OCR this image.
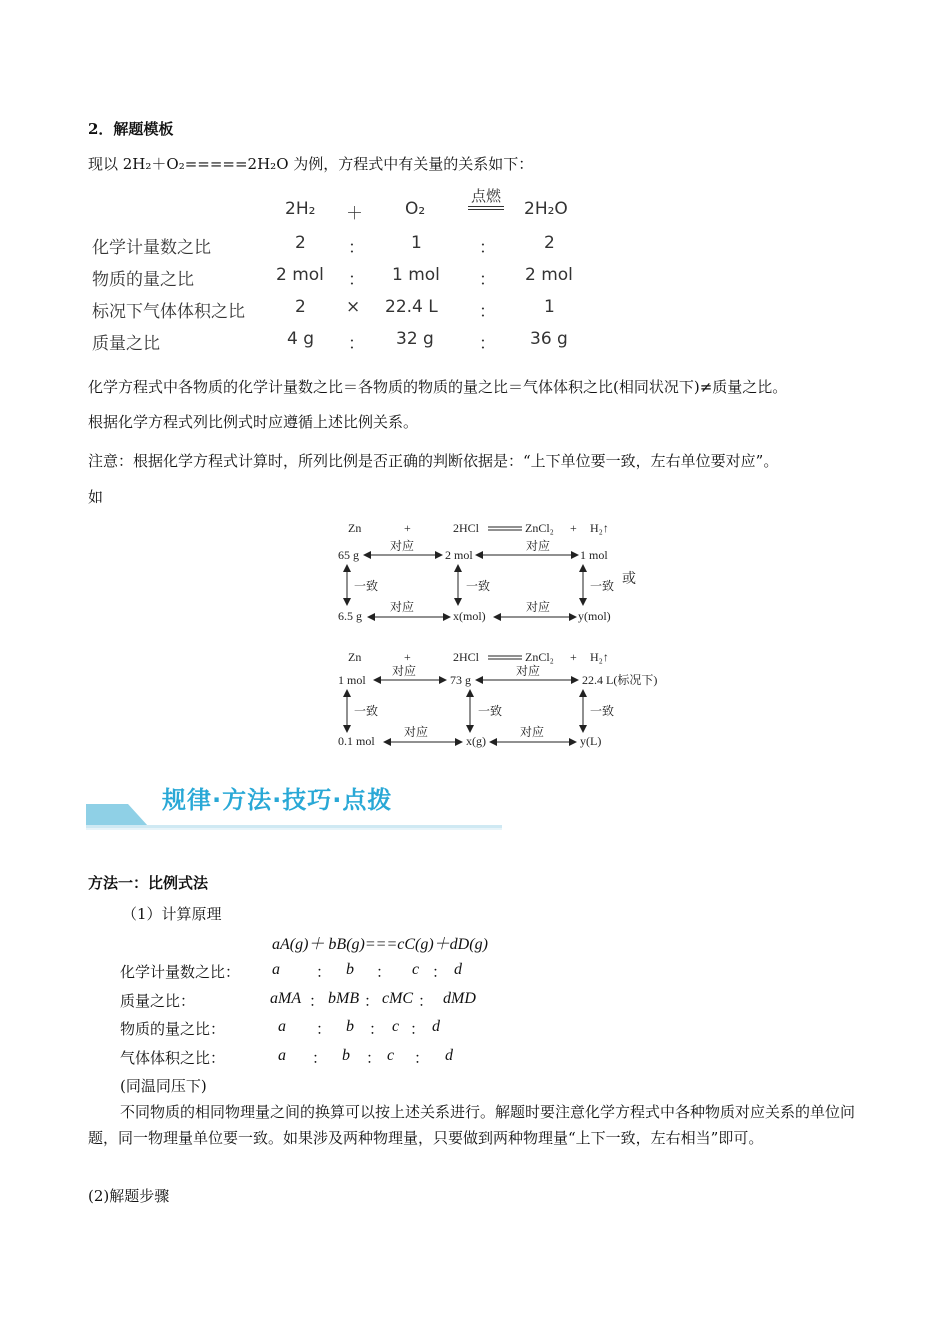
2．解题模板
现以 2H₂＋O₂=====2H₂O 为例，方程式中有关量的关系如下：
2H₂ ＋ O₂
点燃
2H₂O
化学计量数之比	2 ：	1	：	2
物质的量之比	2 mol ： 1 mol ： 2 mol
标况下气体体积之比	2 × 22.4 L ：	1
质量之比	4 g ： 32 g	： 36 g
化学方程式中各物质的化学计量数之比＝各物质的物质的量之比＝气体体积之比(相同状况下)≠质量之比。
根据化学方程式列比例式时应遵循上述比例关系。
注意：根据化学方程式计算时，所列比例是否正确的判断依据是：“上下单位要一致，左右单位要对应”。
如
Zn	+	2HCl	ZnCl₂ + H₂↑
65 g	2 mol	1 mol
对应	对应
一致	一致	一致 或
6.5 g	x(mol)	y(mol)
对应	对应
Zn	+	2HCl	ZnCl₂ + H₂↑
1 mol	73 g	22.4 L(标况下)
对应	对应
一致	一致	一致
0.1 mol	x(g)	y(L)
对应	对应
规律·方法·技巧·点拨
方法一：比例式法
（1）计算原理
aA(g)＋ bB(g)===cC(g)＋dD(g)
化学计量数之比： a ： b ： c ： d
质量之比：	aMA ： bMB ： cMC ： dMD
物质的量之比：	a ： b ： c ： d
气体体积之比：	a ： b ： c ： d
(同温同压下)
不同物质的相同物理量之间的换算可以按上述关系进行。解题时要注意化学方程式中各种物质对应关系的单位问题，同一物理量单位要一致。如果涉及两种物理量，只要做到两种物理量“上下一致，左右相当”即可。
(2)解题步骤
